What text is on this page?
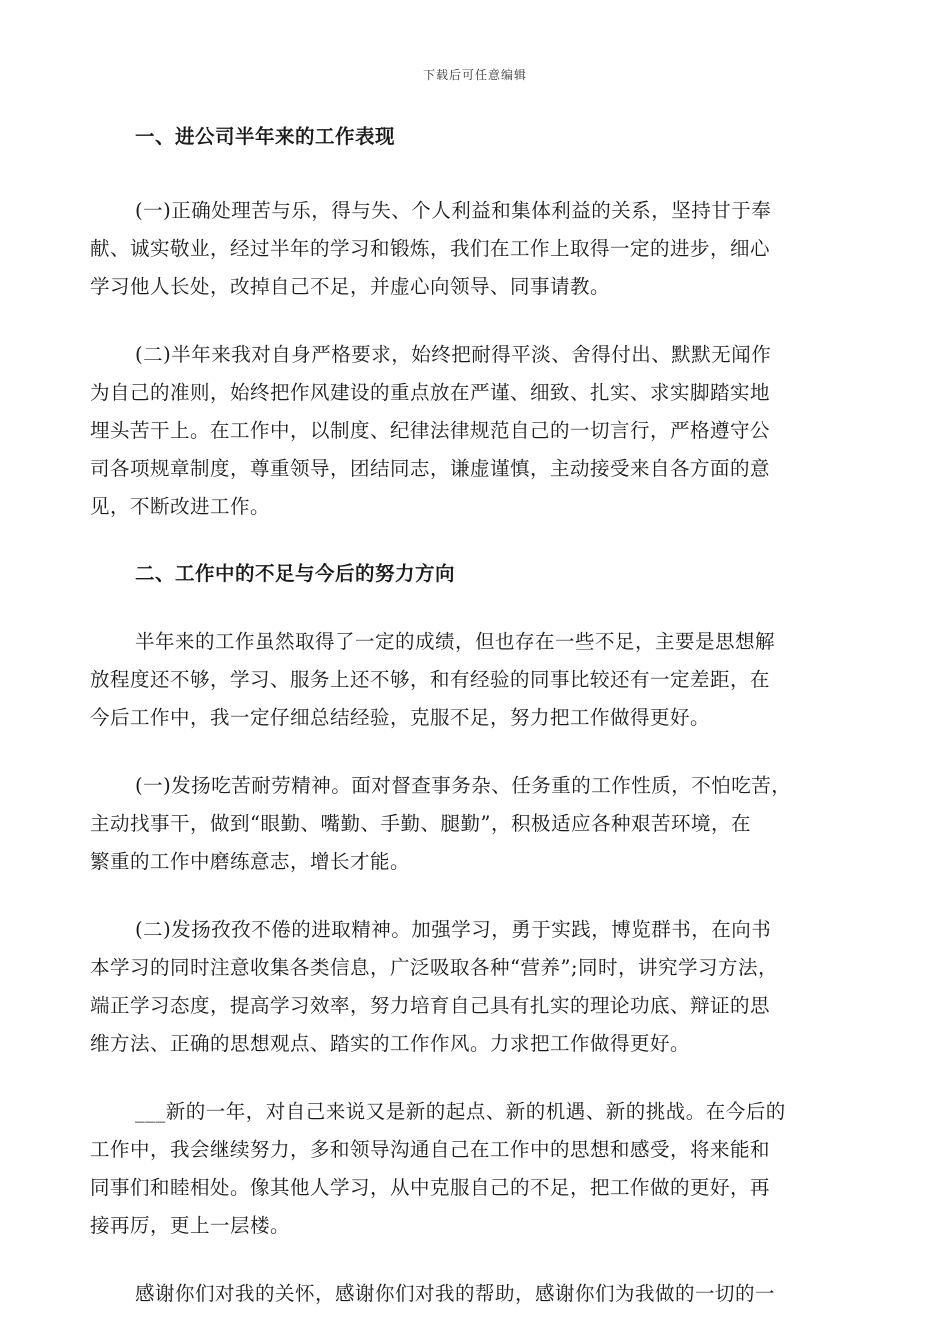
下载后可任意编辑
一、进公司半年来的工作表现

(一)正确处理苦与乐，得与失、个人利益和集体利益的关系，坚持甘于奉
献、诚实敬业，经过半年的学习和锻炼，我们在工作上取得一定的进步，细心
学习他人长处，改掉自己不足，并虚心向领导、同事请教。

(二)半年来我对自身严格要求，始终把耐得平淡、舍得付出、默默无闻作
为自己的准则，始终把作风建设的重点放在严谨、细致、扎实、求实脚踏实地
埋头苦干上。在工作中，以制度、纪律法律规范自己的一切言行，严格遵守公
司各项规章制度，尊重领导，团结同志，谦虚谨慎，主动接受来自各方面的意
见，不断改进工作。

二、工作中的不足与今后的努力方向

半年来的工作虽然取得了一定的成绩，但也存在一些不足，主要是思想解
放程度还不够，学习、服务上还不够，和有经验的同事比较还有一定差距，在
今后工作中，我一定仔细总结经验，克服不足，努力把工作做得更好。

(一)发扬吃苦耐劳精神。面对督查事务杂、任务重的工作性质，不怕吃苦，
主动找事干，做到“眼勤、嘴勤、手勤、腿勤”，积极适应各种艰苦环境，在
繁重的工作中磨练意志，增长才能。

(二)发扬孜孜不倦的进取精神。加强学习，勇于实践，博览群书，在向书
本学习的同时注意收集各类信息，广泛吸取各种“营养”;同时，讲究学习方法，
端正学习态度，提高学习效率，努力培育自己具有扎实的理论功底、辩证的思
维方法、正确的思想观点、踏实的工作作风。力求把工作做得更好。

___新的一年，对自己来说又是新的起点、新的机遇、新的挑战。在今后的
工作中，我会继续努力，多和领导沟通自己在工作中的思想和感受，将来能和
同事们和睦相处。像其他人学习，从中克服自己的不足，把工作做的更好，再
接再厉，更上一层楼。

感谢你们对我的关怀，感谢你们对我的帮助，感谢你们为我做的一切的一
